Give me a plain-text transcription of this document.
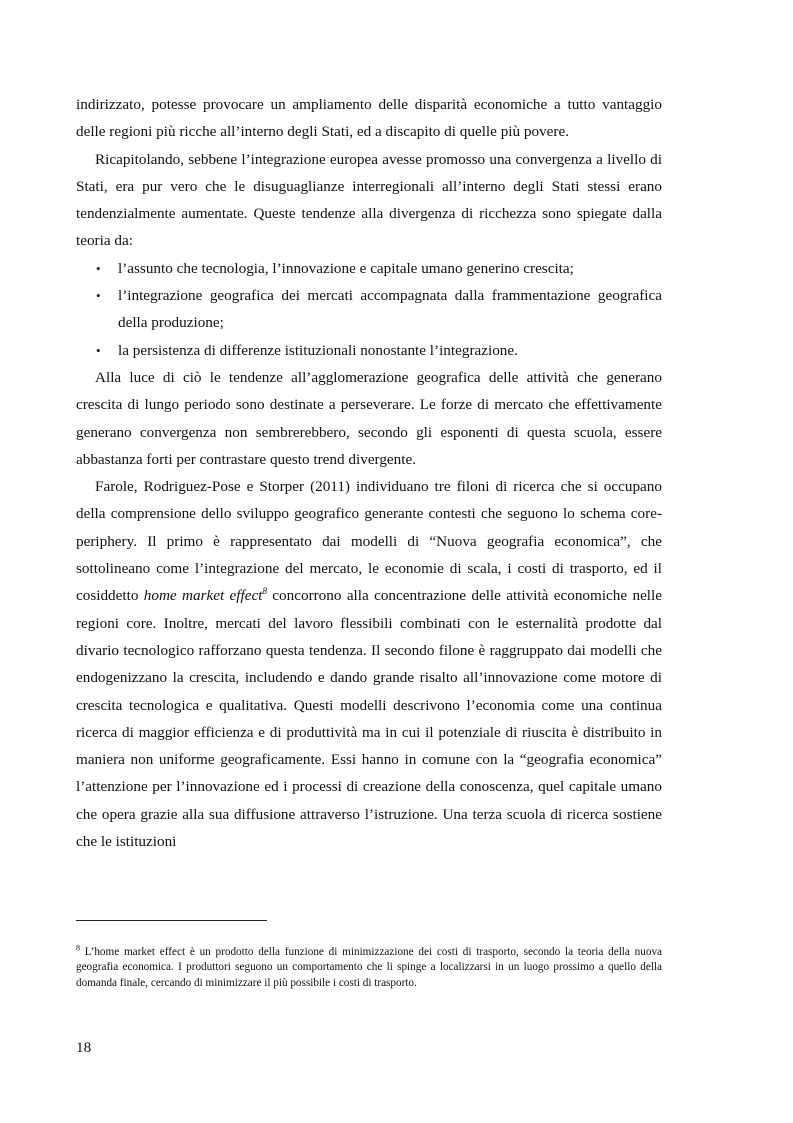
indirizzato, potesse provocare un ampliamento delle disparità economiche a tutto vantaggio delle regioni più ricche all’interno degli Stati, ed a discapito di quelle più povere.

Ricapitolando, sebbene l’integrazione europea avesse promosso una convergenza a livello di Stati, era pur vero che le disuguaglianze interregionali all’interno degli Stati stessi erano tendenzialmente aumentate. Queste tendenze alla divergenza di ricchezza sono spiegate dalla teoria da:

• l’assunto che tecnologia, l’innovazione e capitale umano generino crescita;
• l’integrazione geografica dei mercati accompagnata dalla frammentazione geografica della produzione;
• la persistenza di differenze istituzionali nonostante l’integrazione.

Alla luce di ciò le tendenze all’agglomerazione geografica delle attività che generano crescita di lungo periodo sono destinate a perseverare. Le forze di mercato che effettivamente generano convergenza non sembrerebbero, secondo gli esponenti di questa scuola, essere abbastanza forti per contrastare questo trend divergente.

Farole, Rodriguez-Pose e Storper (2011) individuano tre filoni di ricerca che si occupano della comprensione dello sviluppo geografico generante contesti che seguono lo schema core-periphery. Il primo è rappresentato dai modelli di “Nuova geografia economica”, che sottolineano come l’integrazione del mercato, le economie di scala, i costi di trasporto, ed il cosiddetto home market effect$^8$ concorrono alla concentrazione delle attività economiche nelle regioni core. Inoltre, mercati del lavoro flessibili combinati con le esternalità prodotte dal divario tecnologico rafforzano questa tendenza. Il secondo filone è raggruppato dai modelli che endogenizzano la crescita, includendo e dando grande risalto all’innovazione come motore di crescita tecnologica e qualitativa. Questi modelli descrivono l’economia come una continua ricerca di maggior efficienza e di produttività ma in cui il potenziale di riuscita è distribuito in maniera non uniforme geograficamente. Essi hanno in comune con la “geografia economica” l’attenzione per l’innovazione ed i processi di creazione della conoscenza, quel capitale umano che opera grazie alla sua diffusione attraverso l’istruzione. Una terza scuola di ricerca sostiene che le istituzioni

$^8$ L’home market effect è un prodotto della funzione di minimizzazione dei costi di trasporto, secondo la teoria della nuova geografia economica. I produttori seguono un comportamento che li spinge a localizzarsi in un luogo prossimo a quello della domanda finale, cercando di minimizzare il più possibile i costi di trasporto.
18
